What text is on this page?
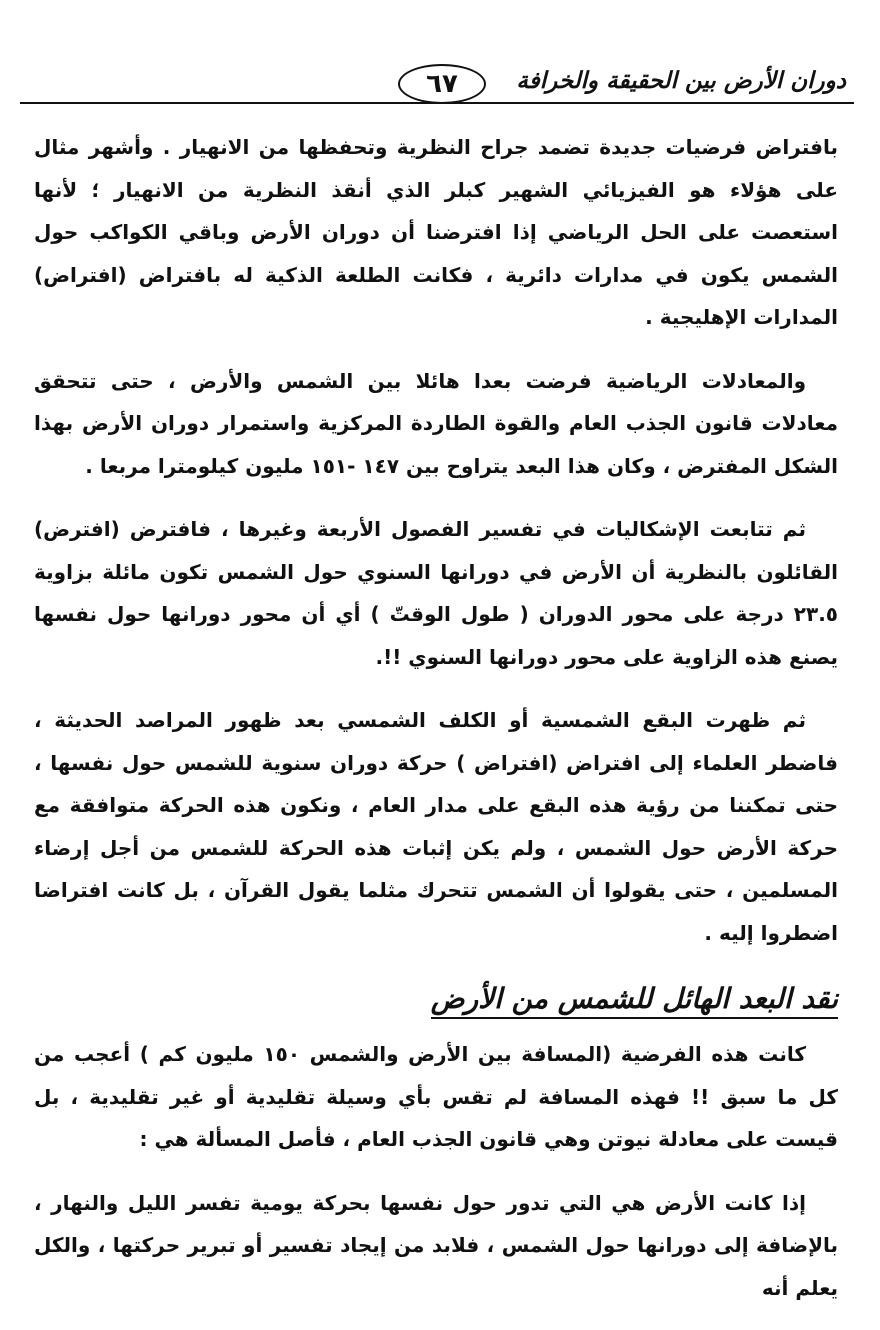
دوران الأرض بين الحقيقة والخرافة
٦٧

بافتراض فرضيات جديدة تضمد جراح النظرية وتحفظها من الانهيار . وأشهر مثال على هؤلاء هو الفيزيائي الشهير كبلر الذي أنقذ النظرية من الانهيار ؛ لأنها استعصت على الحل الرياضي إذا افترضنا أن دوران الأرض وباقي الكواكب حول الشمس يكون في مدارات دائرية ، فكانت الطلعة الذكية له بافتراض (افتراض) المدارات الإهليجية .

والمعادلات الرياضية فرضت بعدا هائلا بين الشمس والأرض ، حتى تتحقق معادلات قانون الجذب العام والقوة الطاردة المركزية واستمرار دوران الأرض بهذا الشكل المفترض ، وكان هذا البعد يتراوح بين ١٤٧ -١٥١ مليون كيلومترا مربعا .

ثم تتابعت الإشكاليات في تفسير الفصول الأربعة وغيرها ، فافترض (افترض) القائلون بالنظرية أن الأرض في دورانها السنوي حول الشمس تكون مائلة بزاوية ٢٣.٥ درجة على محور الدوران ( طول الوقتّ ) أي أن محور دورانها حول نفسها يصنع هذه الزاوية على محور دورانها السنوي !!.

ثم ظهرت البقع الشمسية أو الكلف الشمسي بعد ظهور المراصد الحديثة ، فاضطر العلماء إلى افتراض (افتراض ) حركة دوران سنوية للشمس حول نفسها ، حتى تمكننا من رؤية هذه البقع على مدار العام ، ونكون هذه الحركة متوافقة مع حركة الأرض حول الشمس ، ولم يكن إثبات هذه الحركة للشمس من أجل إرضاء المسلمين ، حتى يقولوا أن الشمس تتحرك مثلما يقول القرآن ، بل كانت افتراضا اضطروا إليه .

نقد البعد الهائل للشمس من الأرض

كانت هذه الفرضية (المسافة بين الأرض والشمس ١٥٠ مليون كم ) أعجب من كل ما سبق !! فهذه المسافة لم تقس بأي وسيلة تقليدية أو غير تقليدية ، بل قيست على معادلة نيوتن وهي قانون الجذب العام ، فأصل المسألة هي :

إذا كانت الأرض هي التي تدور حول نفسها بحركة يومية تفسر الليل والنهار ، بالإضافة إلى دورانها حول الشمس ، فلابد من إيجاد تفسير أو تبرير حركتها ، والكل يعلم أنه
